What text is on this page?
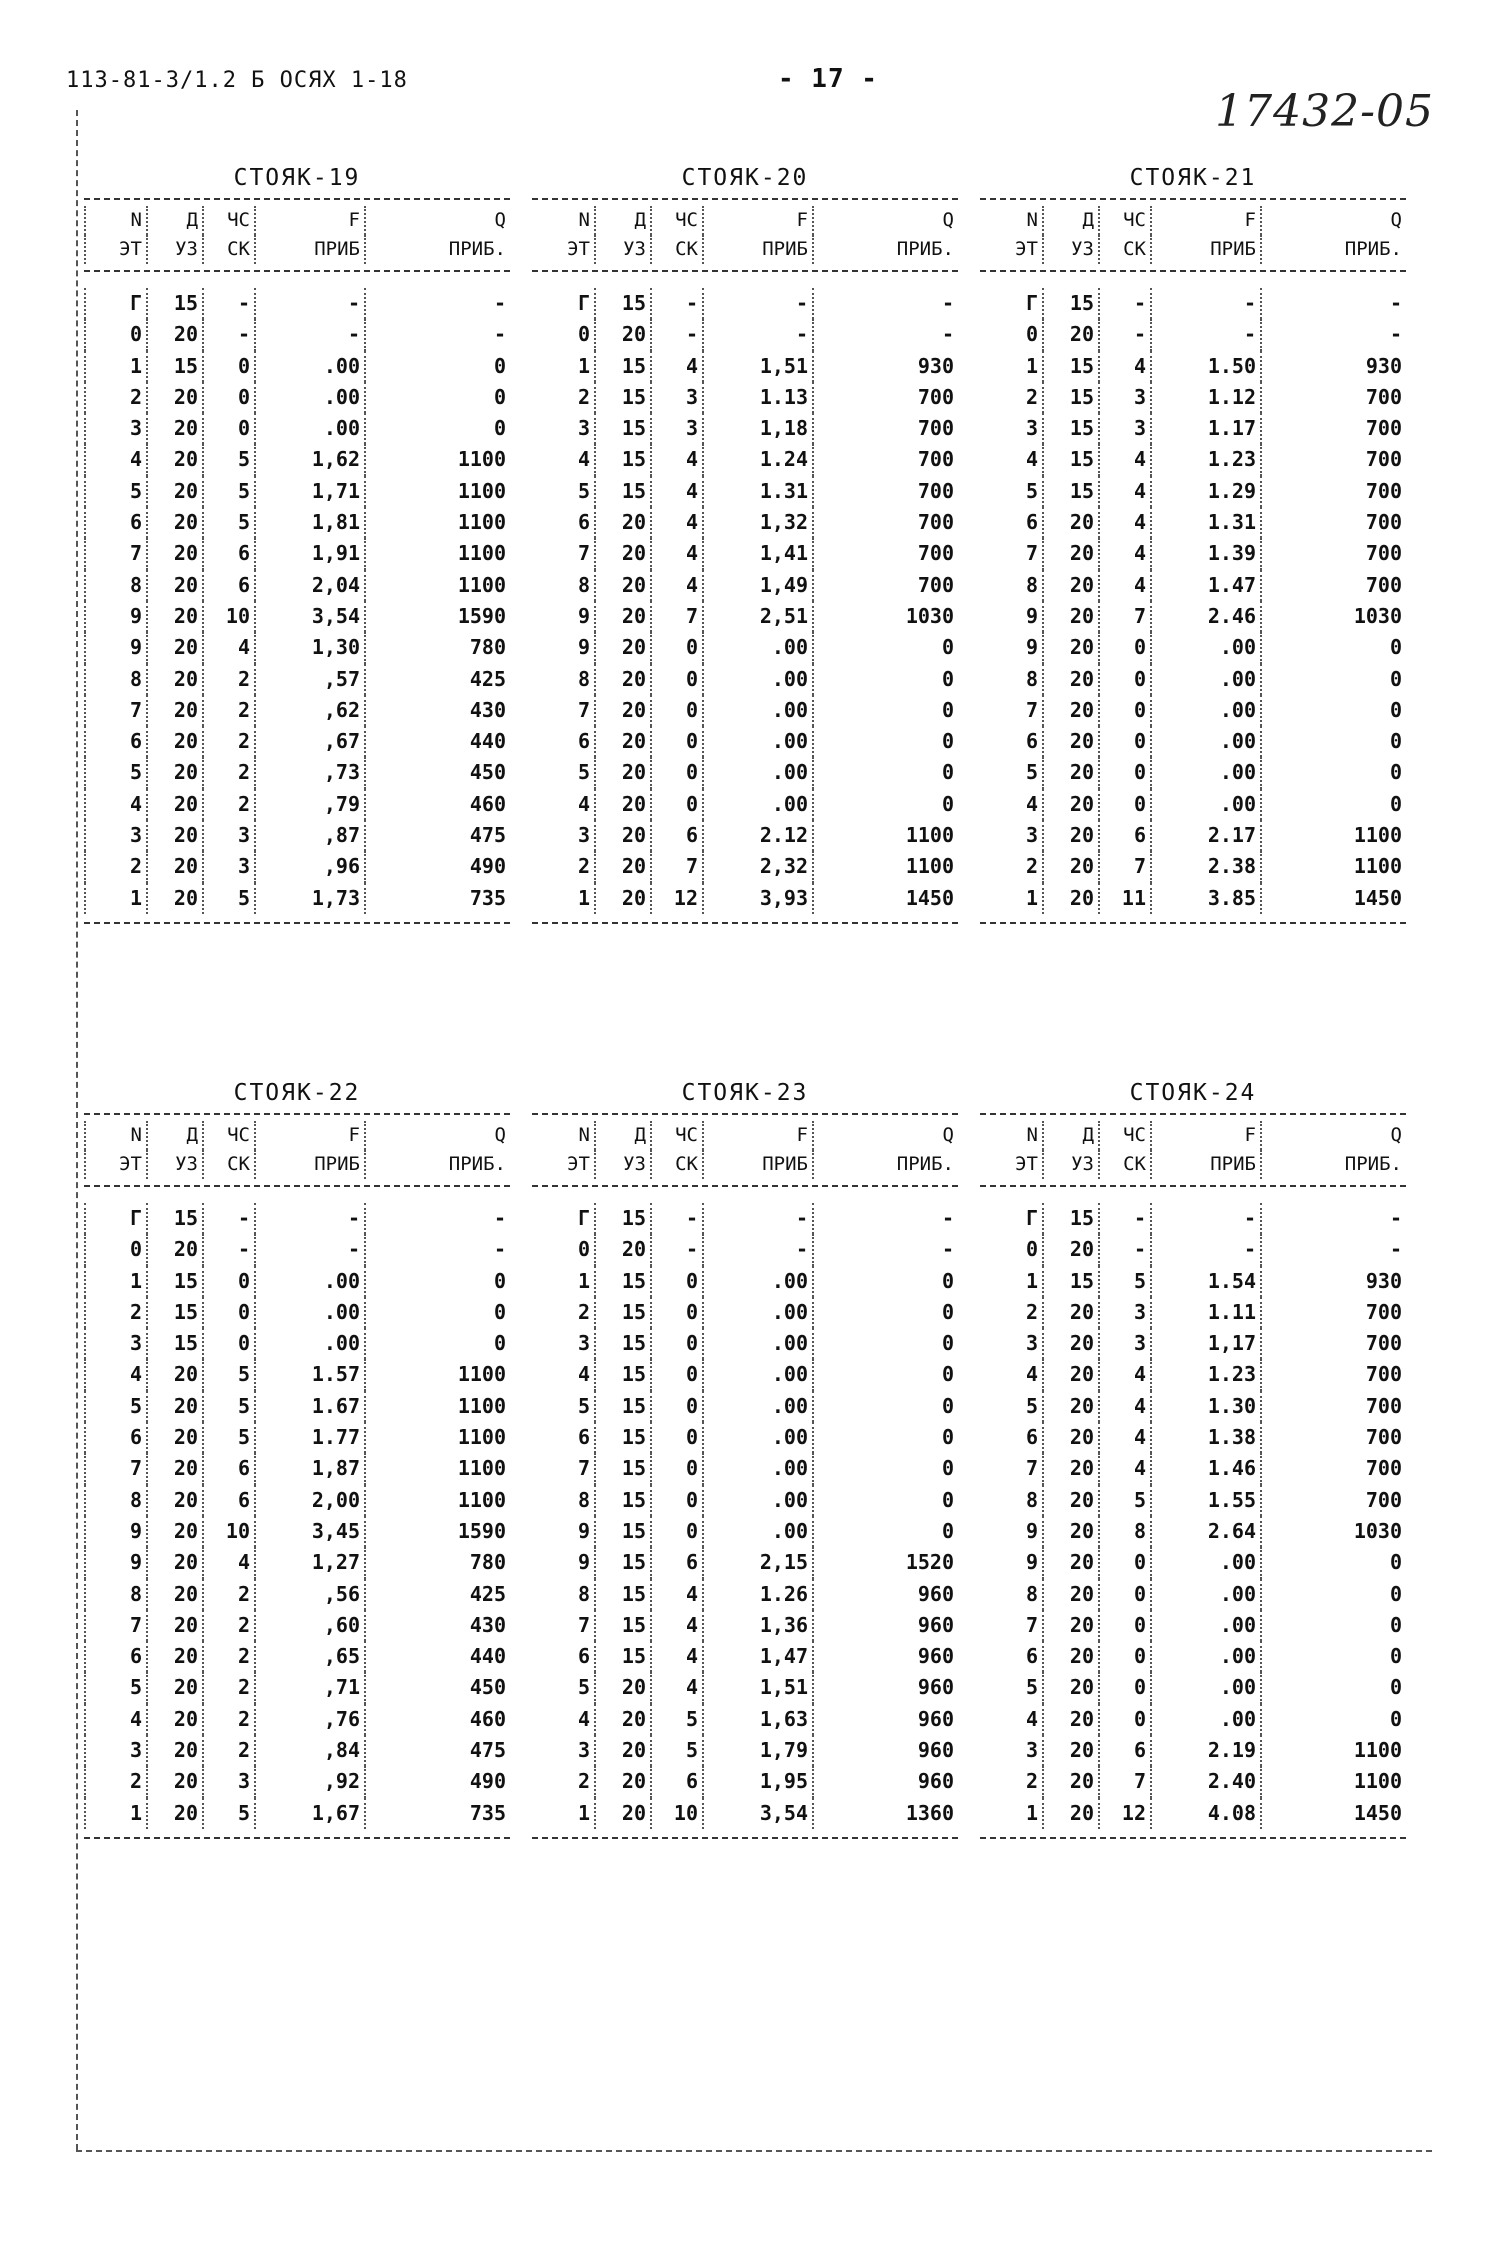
113-81-3/1.2 Б ОСЯХ 1-18	- 17 -
17432-05
СТОЯК-19
N	Д	ЧС	F	Q
ЭТ	УЗ	СК	ПРИБ	ПРИБ.
Г	15	-	-	-
0	20	-	-	-
1	15	0	.00	0
2	20	0	.00	0
3	20	0	.00	0
4	20	5	1,62	1100
5	20	5	1,71	1100
6	20	5	1,81	1100
7	20	6	1,91	1100
8	20	6	2,04	1100
9	20	10	3,54	1590
9	20	4	1,30	780
8	20	2	,57	425
7	20	2	,62	430
6	20	2	,67	440
5	20	2	,73	450
4	20	2	,79	460
3	20	3	,87	475
2	20	3	,96	490
1	20	5	1,73	735
СТОЯК-20
N	Д	ЧС	F	Q
ЭТ	УЗ	СК	ПРИБ	ПРИБ.
Г	15	-	-	-
0	20	-	-	-
1	15	4	1,51	930
2	15	3	1.13	700
3	15	3	1,18	700
4	15	4	1.24	700
5	15	4	1.31	700
6	20	4	1,32	700
7	20	4	1,41	700
8	20	4	1,49	700
9	20	7	2,51	1030
9	20	0	.00	0
8	20	0	.00	0
7	20	0	.00	0
6	20	0	.00	0
5	20	0	.00	0
4	20	0	.00	0
3	20	6	2.12	1100
2	20	7	2,32	1100
1	20	12	3,93	1450
СТОЯК-21
N	Д	ЧС	F	Q
ЭТ	УЗ	СК	ПРИБ	ПРИБ.
Г	15	-	-	-
0	20	-	-	-
1	15	4	1.50	930
2	15	3	1.12	700
3	15	3	1.17	700
4	15	4	1.23	700
5	15	4	1.29	700
6	20	4	1.31	700
7	20	4	1.39	700
8	20	4	1.47	700
9	20	7	2.46	1030
9	20	0	.00	0
8	20	0	.00	0
7	20	0	.00	0
6	20	0	.00	0
5	20	0	.00	0
4	20	0	.00	0
3	20	6	2.17	1100
2	20	7	2.38	1100
1	20	11	3.85	1450
СТОЯК-22
N	Д	ЧС	F	Q
ЭТ	УЗ	СК	ПРИБ	ПРИБ.
Г	15	-	-	-
0	20	-	-	-
1	15	0	.00	0
2	15	0	.00	0
3	15	0	.00	0
4	20	5	1.57	1100
5	20	5	1.67	1100
6	20	5	1.77	1100
7	20	6	1,87	1100
8	20	6	2,00	1100
9	20	10	3,45	1590
9	20	4	1,27	780
8	20	2	,56	425
7	20	2	,60	430
6	20	2	,65	440
5	20	2	,71	450
4	20	2	,76	460
3	20	2	,84	475
2	20	3	,92	490
1	20	5	1,67	735
СТОЯК-23
N	Д	ЧС	F	Q
ЭТ	УЗ	СК	ПРИБ	ПРИБ.
Г	15	-	-	-
0	20	-	-	-
1	15	0	.00	0
2	15	0	.00	0
3	15	0	.00	0
4	15	0	.00	0
5	15	0	.00	0
6	15	0	.00	0
7	15	0	.00	0
8	15	0	.00	0
9	15	0	.00	0
9	15	6	2,15	1520
8	15	4	1.26	960
7	15	4	1,36	960
6	15	4	1,47	960
5	20	4	1,51	960
4	20	5	1,63	960
3	20	5	1,79	960
2	20	6	1,95	960
1	20	10	3,54	1360
СТОЯК-24
N	Д	ЧС	F	Q
ЭТ	УЗ	СК	ПРИБ	ПРИБ.
Г	15	-	-	-
0	20	-	-	-
1	15	5	1.54	930
2	20	3	1.11	700
3	20	3	1,17	700
4	20	4	1.23	700
5	20	4	1.30	700
6	20	4	1.38	700
7	20	4	1.46	700
8	20	5	1.55	700
9	20	8	2.64	1030
9	20	0	.00	0
8	20	0	.00	0
7	20	0	.00	0
6	20	0	.00	0
5	20	0	.00	0
4	20	0	.00	0
3	20	6	2.19	1100
2	20	7	2.40	1100
1	20	12	4.08	1450
